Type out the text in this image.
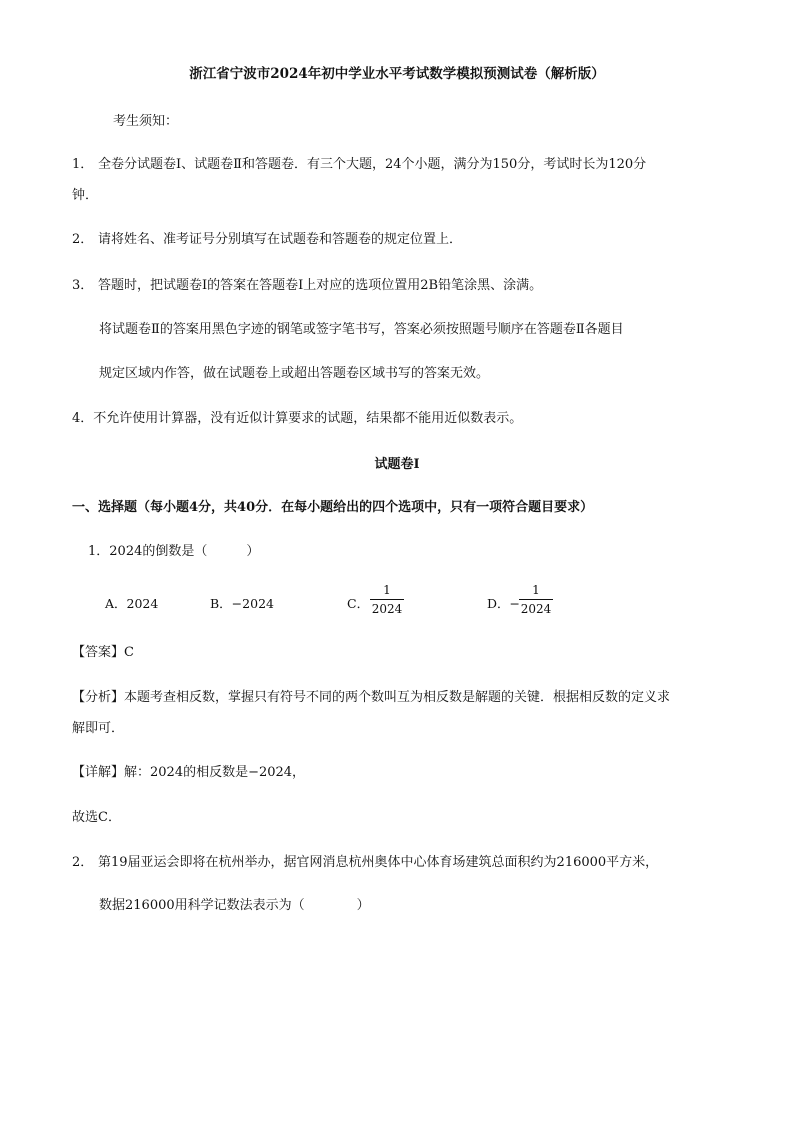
浙江省宁波市2024年初中学业水平考试数学模拟预测试卷（解析版）
考生须知：
1． 全卷分试题卷Ⅰ、试题卷Ⅱ和答题卷．有三个大题，24个小题，满分为150分，考试时长为120分
钟．
2． 请将姓名、准考证号分别填写在试题卷和答题卷的规定位置上．
3． 答题时，把试题卷Ⅰ的答案在答题卷Ⅰ上对应的选项位置用2B铅笔涂黑、涂满。
将试题卷Ⅱ的答案用黑色字迹的钢笔或签字笔书写，答案必须按照题号顺序在答题卷Ⅱ各题目
规定区域内作答，做在试题卷上或超出答题卷区域书写的答案无效。
4．不允许使用计算器，没有近似计算要求的试题，结果都不能用近似数表示。
试题卷Ⅰ
一、选择题（每小题4分，共40分．在每小题给出的四个选项中，只有一项符合题目要求）
1．2024的倒数是（　　　）
A．2024	B．−2024	C．
1
2024	D．−
1
2024
【答案】C
【分析】本题考查相反数，掌握只有符号不同的两个数叫互为相反数是解题的关键．根据相反数的定义求
解即可．
【详解】解：2024的相反数是−2024，
故选C．
2． 第19届亚运会即将在杭州举办，据官网消息杭州奥体中心体育场建筑总面积约为216000平方米，
数据216000用科学记数法表示为（　　　　）
